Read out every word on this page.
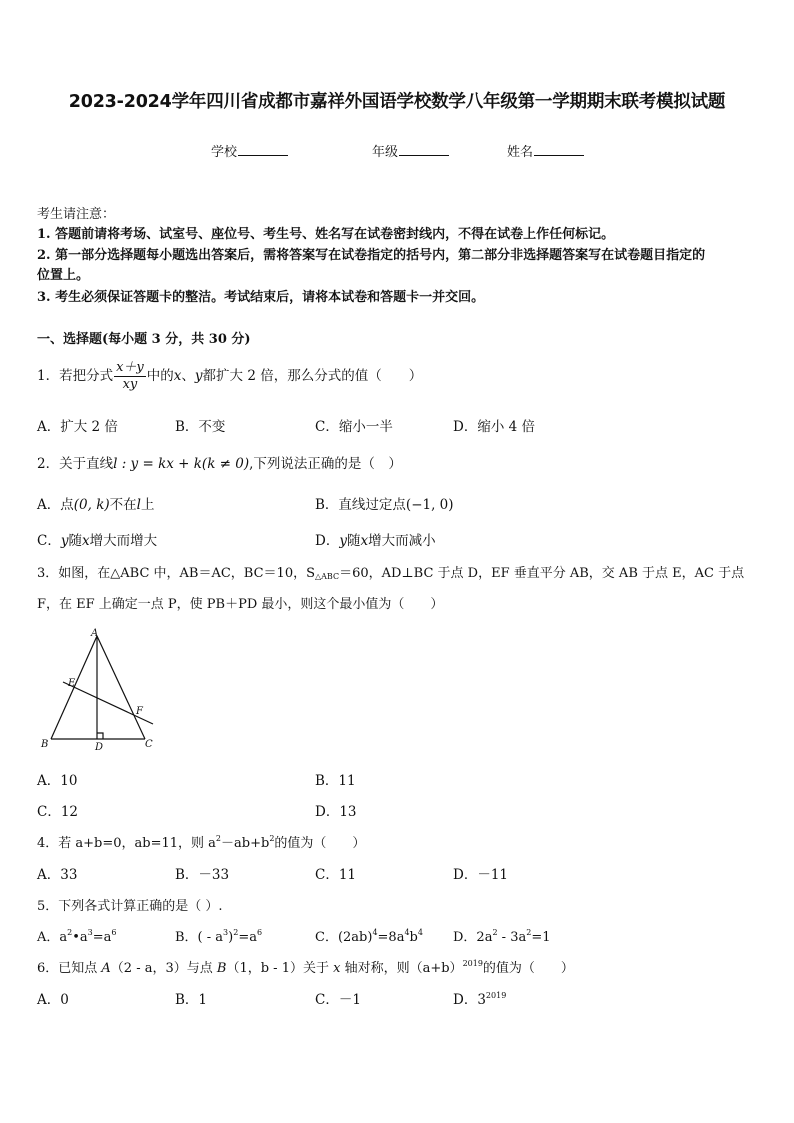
2023-2024学年四川省成都市嘉祥外国语学校数学八年级第一学期期末联考模拟试题
学校	年级	姓名
考生请注意：
1. 答题前请将考场、试室号、座位号、考生号、姓名写在试卷密封线内，不得在试卷上作任何标记。
2. 第一部分选择题每小题选出答案后，需将答案写在试卷指定的括号内，第二部分非选择题答案写在试卷题目指定的
位置上。
3. 考生必须保证答题卡的整洁。考试结束后，请将本试卷和答题卡一并交回。
一、选择题(每小题 3 分，共 30 分)
1．若把分式 $\frac{x+y}{xy}$ 中的x、y都扩大 2 倍，那么分式的值（　　）
A．扩大 2 倍	B．不变	C．缩小一半	D．缩小 4 倍
2．关于直线l : y = kx + k(k ≠ 0),下列说法正确的是（　）
A．点(0, k)不在l上	B．直线过定点(−1, 0)
C．y随x增大而增大	D．y随x增大而减小
3．如图，在△ABC 中，AB＝AC，BC＝10，$S_{\triangle ABC}=60$，AD⊥BC 于点 D，EF 垂直平分 AB，交 AB 于点 E，AC 于点
F，在 EF 上确定一点 P，使 PB＋PD 最小，则这个最小值为（　　）
A
E
F
B	D	C
A．10	B．11
C．12	D．13
4．若 a+b=0，ab=11，则 $a^2-ab+b^2$的值为（　　）
A．33	B．－33	C．11	D．－11
5．下列各式计算正确的是（ ）.
A．$a^2•a^3=a^6$	B．( - $a^3)^2=a^6$	C．$(2ab)^4=8a^4b^4$ D．$2a^2 - 3a^2=1$
6．已知点 A（2 - a，3）与点 B（1，b - 1）关于 x 轴对称，则$(a+b)^{2019}$的值为（　　）
A．0	B．1	C．－1	D．$3^{2019}$
